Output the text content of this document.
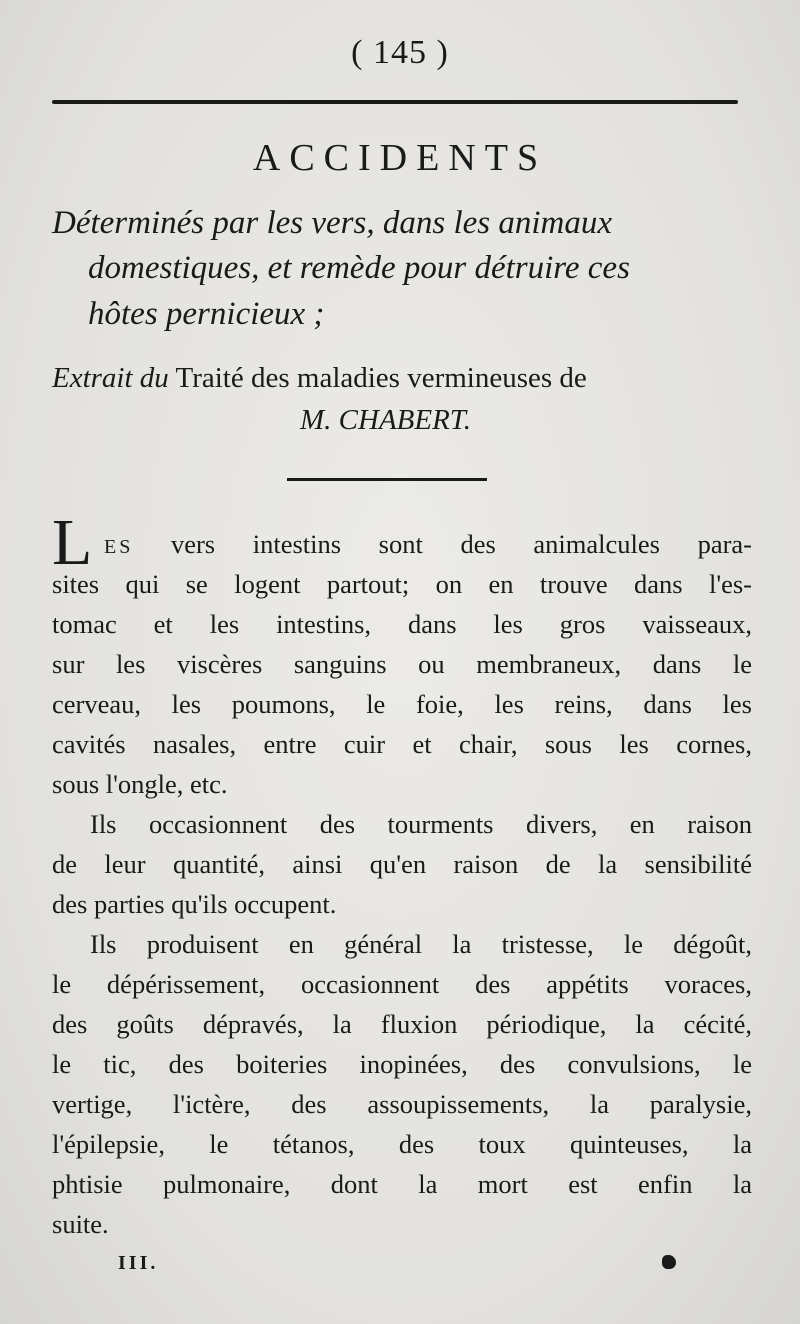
( 145 )
ACCIDENTS
Déterminés par les vers, dans les animaux
domestiques, et remède pour détruire ces
hôtes pernicieux ;
Extrait du Traité des maladies vermineuses de
M. CHABERT.
L ES vers intestins sont des animalcules para-
sites qui se logent partout; on en trouve dans l'es-
tomac et les intestins, dans les gros vaisseaux,
sur les viscères sanguins ou membraneux, dans le
cerveau, les poumons, le foie, les reins, dans les
cavités nasales, entre cuir et chair, sous les cornes,
sous l'ongle, etc.
Ils occasionnent des tourments divers, en raison
de leur quantité, ainsi qu'en raison de la sensibilité
des parties qu'ils occupent.
Ils produisent en général la tristesse, le dégoût,
le dépérissement, occasionnent des appétits voraces,
des goûts dépravés, la fluxion périodique, la cécité,
le tic, des boiteries inopinées, des convulsions, le
vertige, l'ictère, des assoupissements, la paralysie,
l'épilepsie, le tétanos, des toux quinteuses, la
phtisie pulmonaire, dont la mort est enfin la
suite.
III.
